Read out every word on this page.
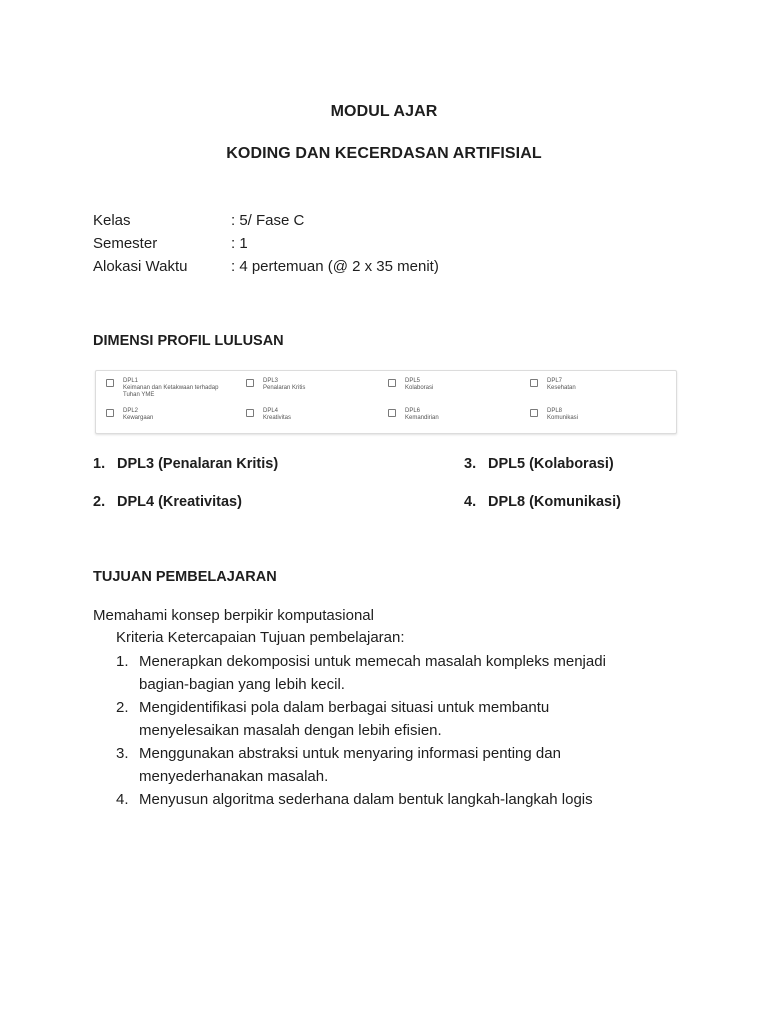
MODUL AJAR
KODING DAN KECERDASAN ARTIFISIAL
Kelas	: 5/ Fase C
Semester	: 1
Alokasi Waktu	: 4 pertemuan (@ 2 x 35 menit)
DIMENSI PROFIL LULUSAN
DPL1
Keimanan dan Ketakwaan terhadap Tuhan YME
DPL3
Penalaran Kritis
DPL5
Kolaborasi
DPL7
Kesehatan
DPL2
Kewargaan
DPL4
Kreativitas
DPL6
Kemandirian
DPL8
Komunikasi
1. DPL3 (Penalaran Kritis)
2. DPL4 (Kreativitas)
3. DPL5 (Kolaborasi)
4. DPL8 (Komunikasi)
TUJUAN PEMBELAJARAN
Memahami konsep berpikir komputasional
Kriteria Ketercapaian Tujuan pembelajaran:
1. Menerapkan dekomposisi untuk memecah masalah kompleks menjadi bagian-bagian yang lebih kecil.
2. Mengidentifikasi pola dalam berbagai situasi untuk membantu menyelesaikan masalah dengan lebih efisien.
3. Menggunakan abstraksi untuk menyaring informasi penting dan menyederhanakan masalah.
4. Menyusun algoritma sederhana dalam bentuk langkah-langkah logis
